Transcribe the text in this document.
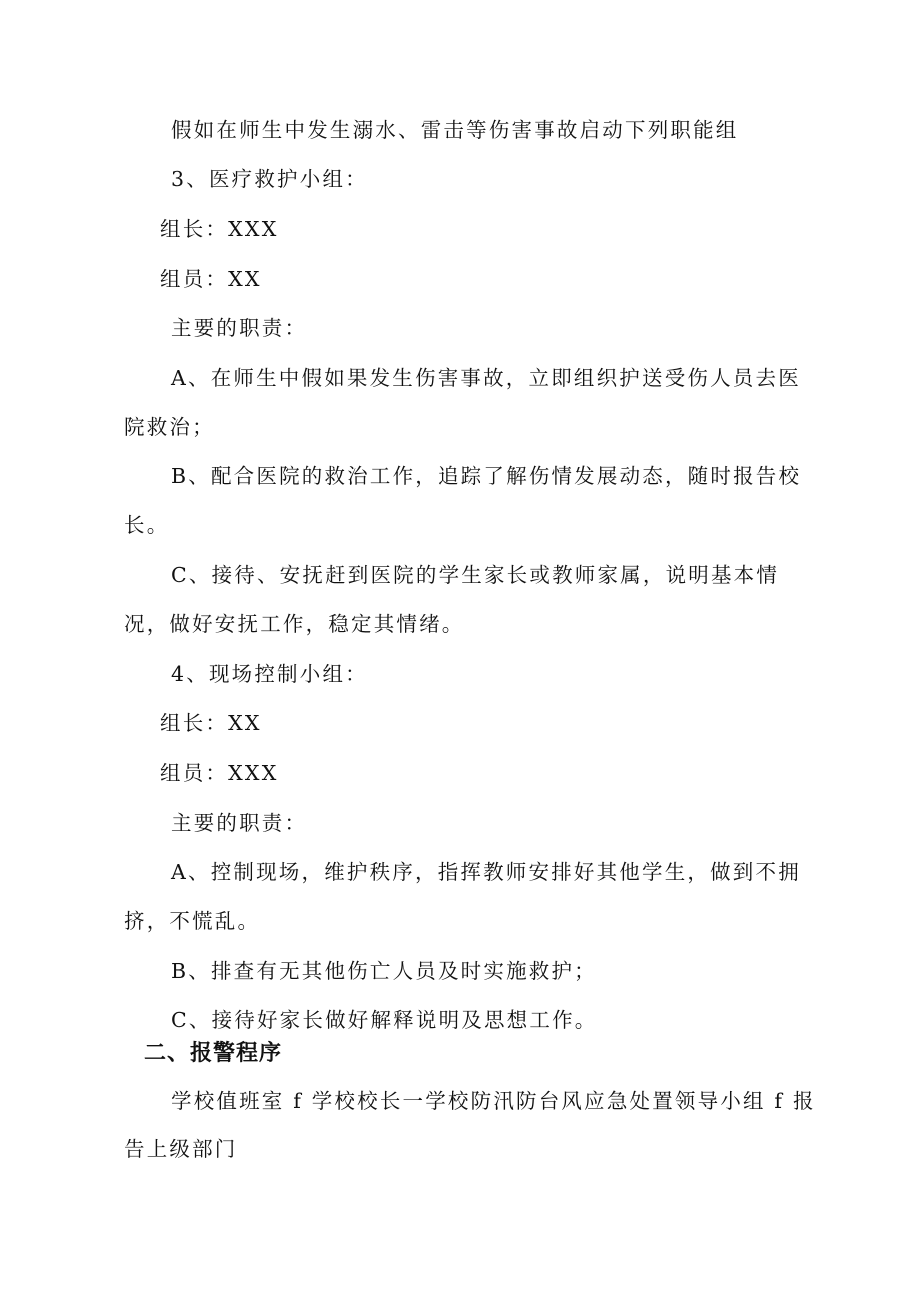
假如在师生中发生溺水、雷击等伤害事故启动下列职能组
3、医疗救护小组：
组长：XXX
组员：XX
主要的职责：
A、在师生中假如果发生伤害事故，立即组织护送受伤人员去医
院救治；
B、配合医院的救治工作，追踪了解伤情发展动态，随时报告校
长。
C、接待、安抚赶到医院的学生家长或教师家属，说明基本情
况，做好安抚工作，稳定其情绪。
4、现场控制小组：
组长：XX
组员：XXX
主要的职责：
A、控制现场，维护秩序，指挥教师安排好其他学生，做到不拥
挤，不慌乱。
B、排查有无其他伤亡人员及时实施救护；
C、接待好家长做好解释说明及思想工作。
二、报警程序
学校值班室 f 学校校长一学校防汛防台风应急处置领导小组 f 报
告上级部门
